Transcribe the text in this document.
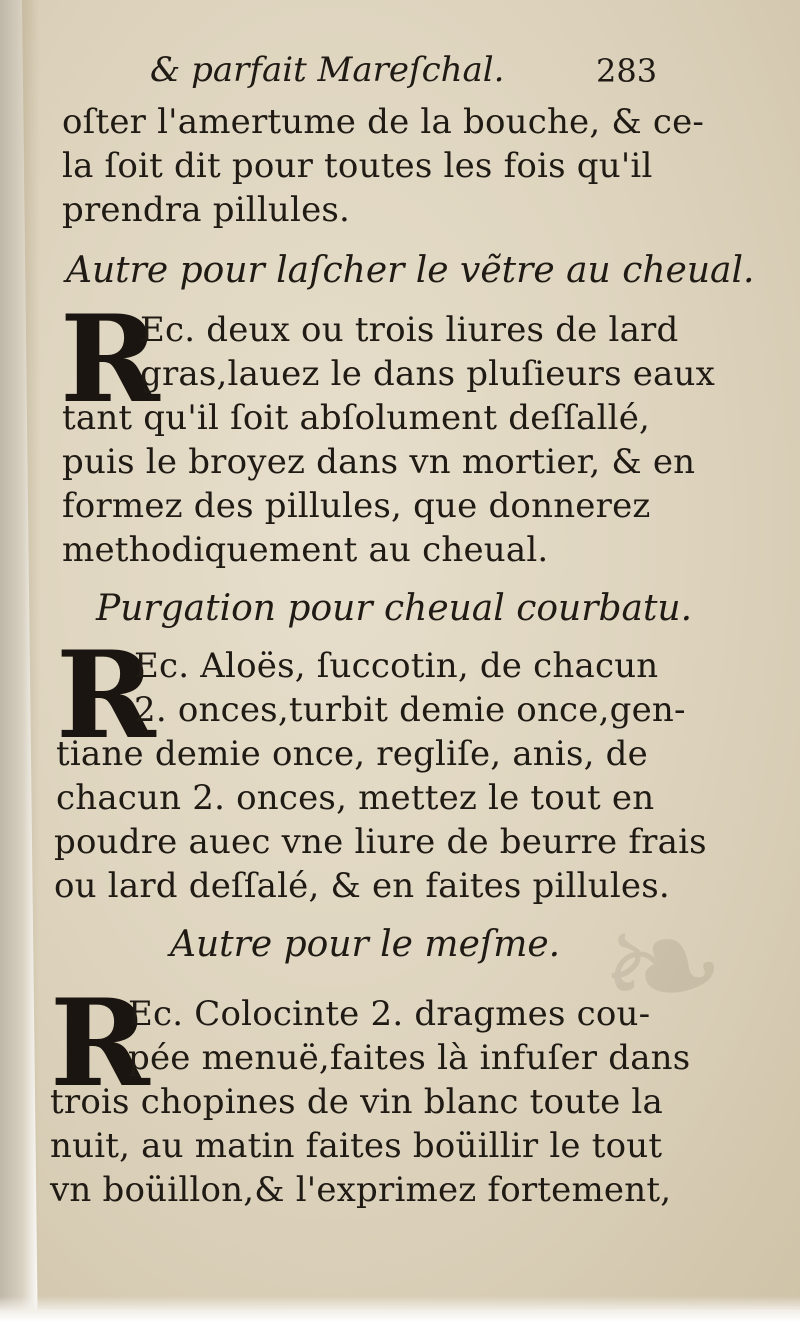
❧
& parfait Mareſchal.	283
oſter l'amertume de la bouche, & ce-
la ſoit dit pour toutes les fois qu'il
prendra pillules.
Autre pour laſcher le vẽtre au cheual.
R
Ec. deux ou trois liures de lard
gras,lauez le dans pluſieurs eaux
tant qu'il ſoit abſolument deſſallé,
puis le broyez dans vn mortier, & en
formez des pillules, que donnerez
methodiquement au cheual.
Purgation pour cheual courbatu.
R
Ec. Aloës, ſuccotin, de chacun
2. onces,turbit demie once,gen-
tiane demie once, regliſe, anis, de
chacun 2. onces, mettez le tout en
poudre auec vne liure de beurre frais
ou lard deſſalé, & en faites pillules.
Autre pour le meſme.
R
Ec. Colocinte 2. dragmes cou-
pée menuë,faites là infuſer dans
trois chopines de vin blanc toute la
nuit, au matin faites boüillir le tout
vn boüillon,& l'exprimez fortement,
